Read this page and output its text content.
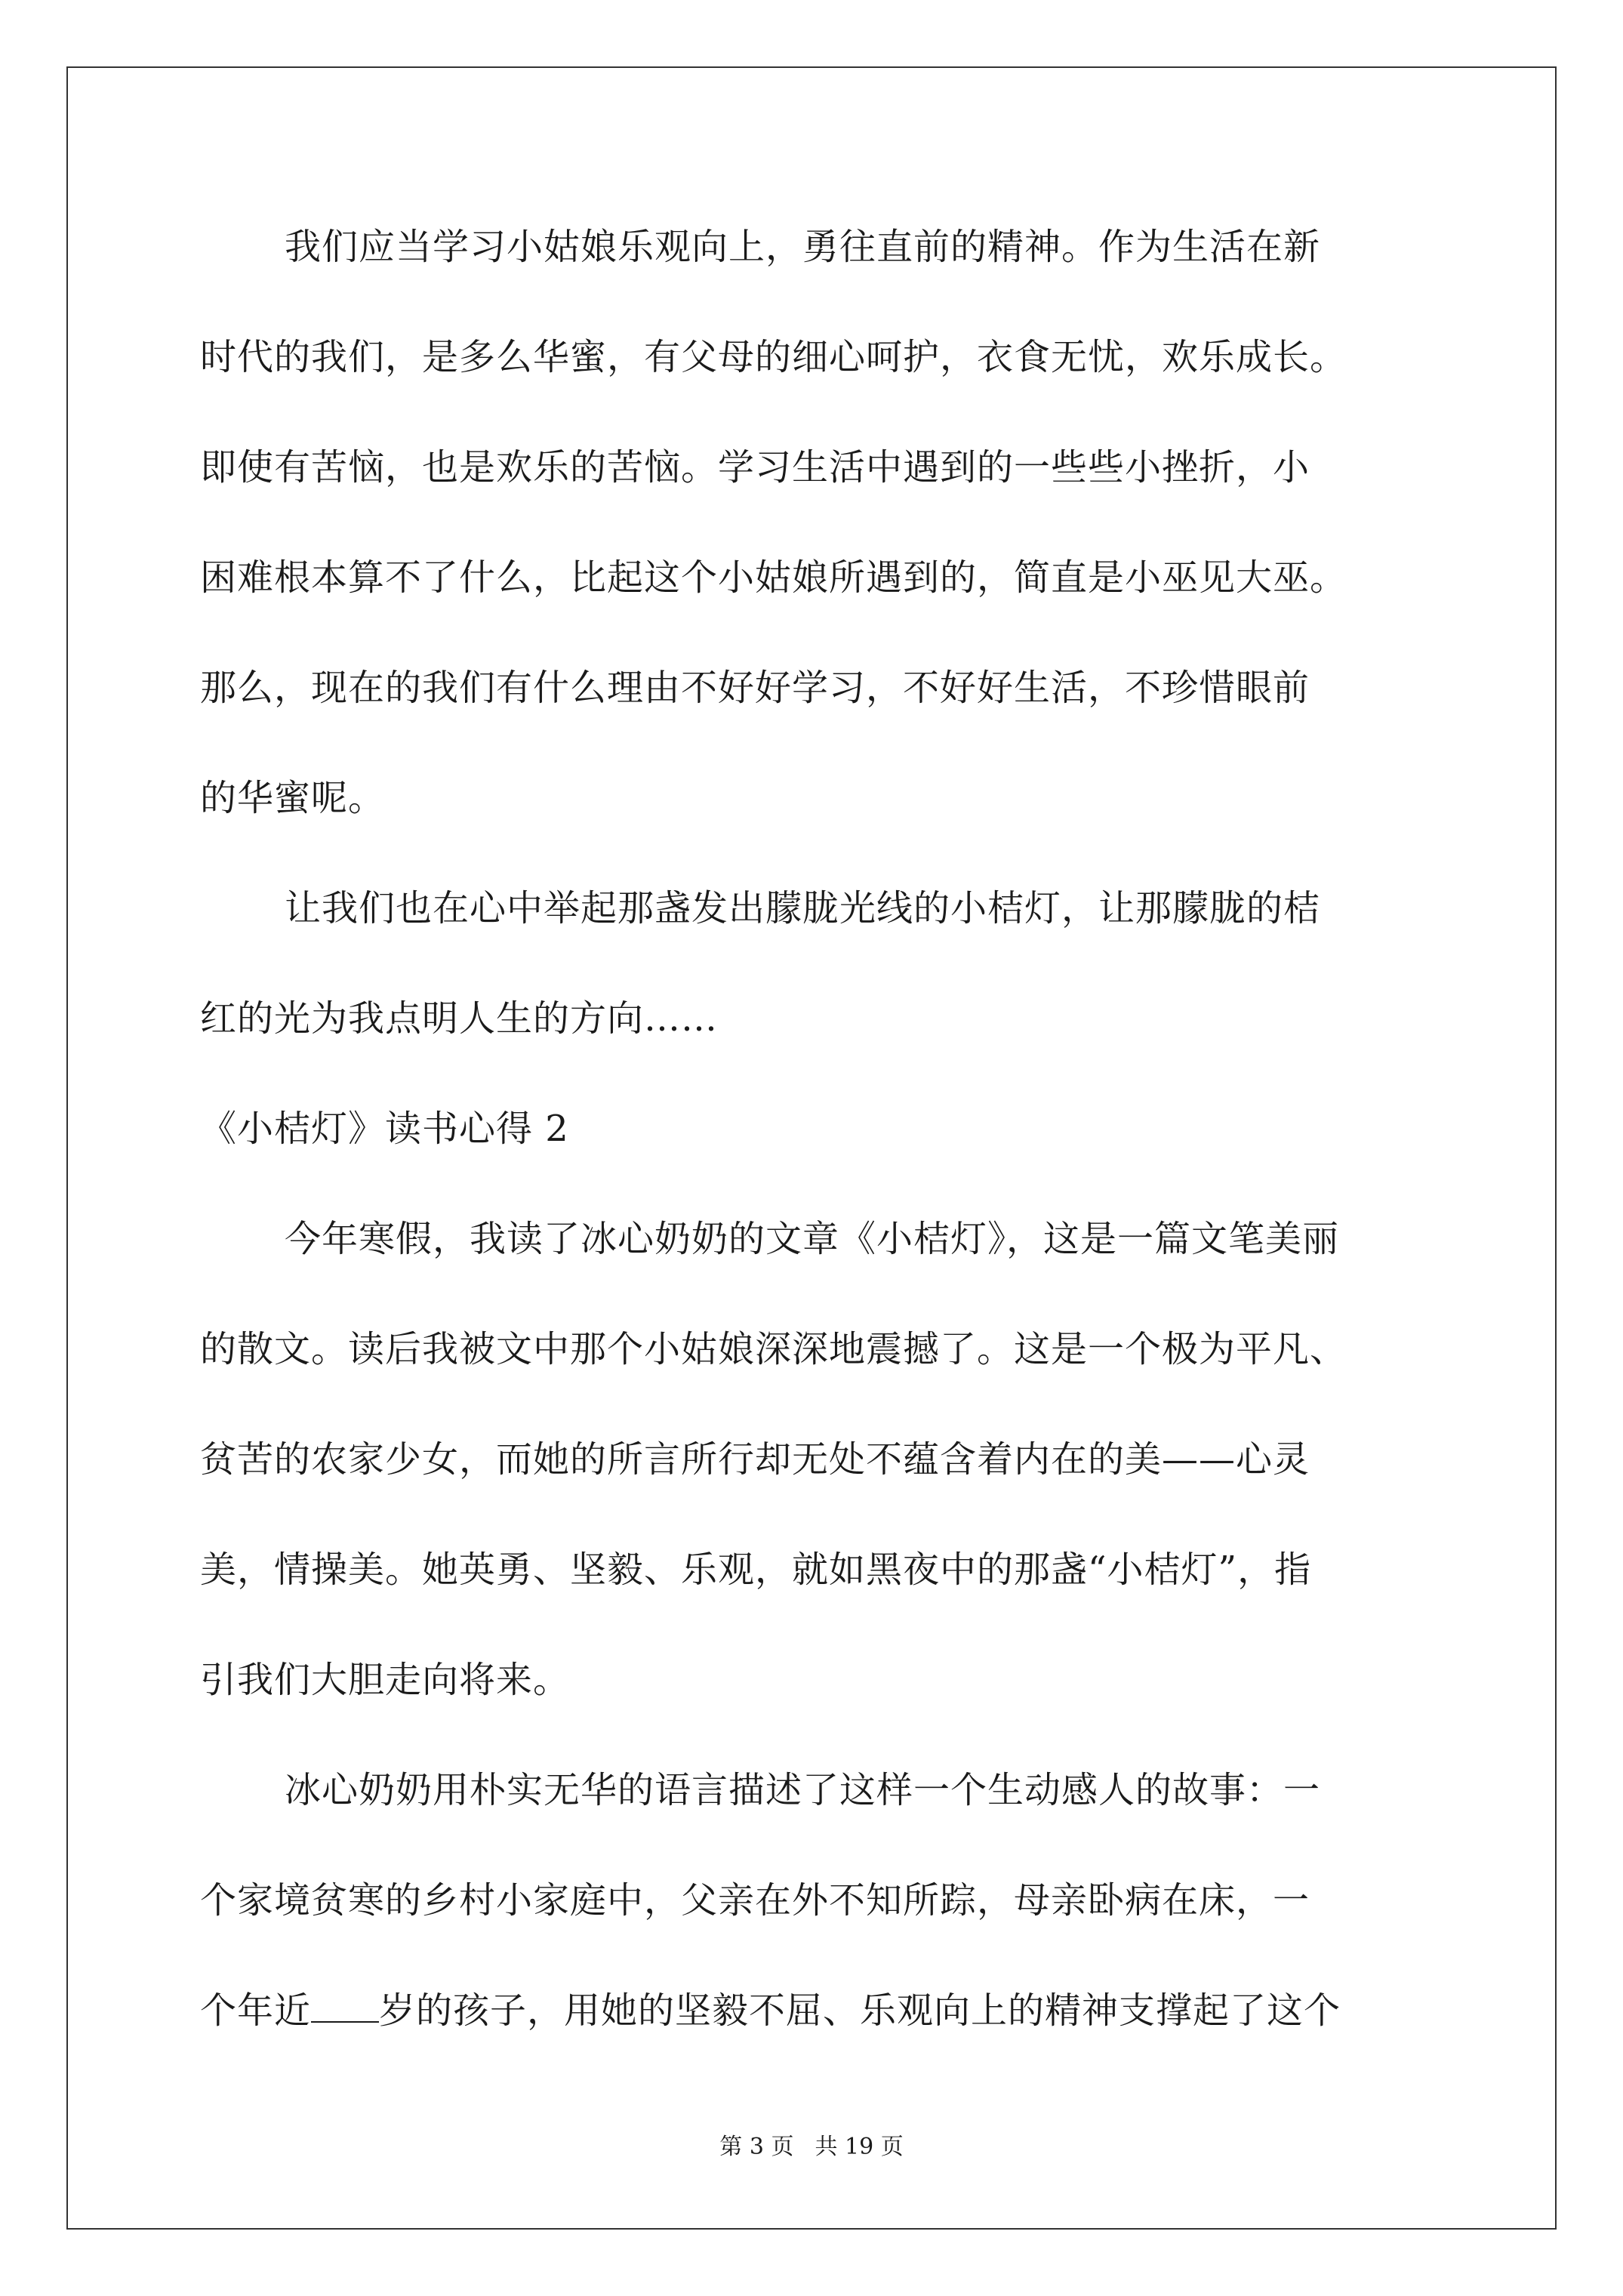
我们应当学习小姑娘乐观向上，勇往直前的精神。作为生活在新
时代的我们，是多么华蜜，有父母的细心呵护，衣食无忧，欢乐成长。
即使有苦恼，也是欢乐的苦恼。学习生活中遇到的一些些小挫折，小
困难根本算不了什么，比起这个小姑娘所遇到的，简直是小巫见大巫。
那么，现在的我们有什么理由不好好学习，不好好生活，不珍惜眼前
的华蜜呢。
让我们也在心中举起那盏发出朦胧光线的小桔灯，让那朦胧的桔
红的光为我点明人生的方向……
《小桔灯》读书心得 2
今年寒假，我读了冰心奶奶的文章《小桔灯》，这是一篇文笔美丽
的散文。读后我被文中那个小姑娘深深地震撼了。这是一个极为平凡、
贫苦的农家少女，而她的所言所行却无处不蕴含着内在的美——心灵
美，情操美。她英勇、坚毅、乐观，就如黑夜中的那盏“小桔灯”，指
引我们大胆走向将来。
冰心奶奶用朴实无华的语言描述了这样一个生动感人的故事：一
个家境贫寒的乡村小家庭中，父亲在外不知所踪，母亲卧病在床，一
个年近 岁的孩子，用她的坚毅不屈、乐观向上的精神支撑起了这个
第 3 页 共 19 页
